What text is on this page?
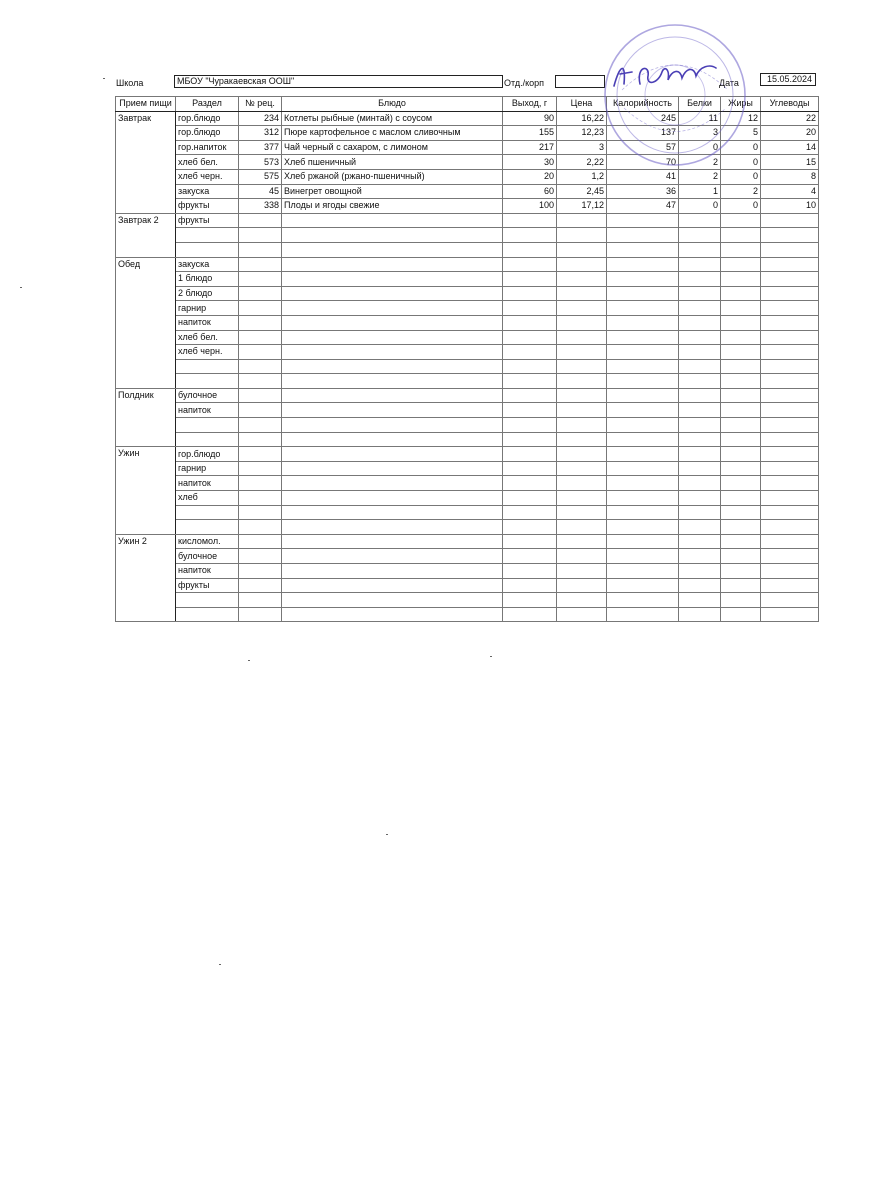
Школа	МБОУ "Чуракаевская ООШ"	Отд./корп	Дата	15.05.2024
Прием пищи	Раздел	№ рец.	Блюдо	Выход, г	Цена	Калорийность	Белки	Жиры	Углеводы
Завтрак	гор.блюдо	234	Котлеты рыбные (минтай) с соусом	90	16,22	245	11	12	22
	гор.блюдо	312	Пюре картофельное с маслом сливочным	155	12,23	137	3	5	20
	гор.напиток	377	Чай черный с сахаром, с лимоном	217	3	57	0	0	14
	хлеб бел.	573	Хлеб пшеничный	30	2,22	70	2	0	15
	хлеб черн.	575	Хлеб ржаной (ржано-пшеничный)	20	1,2	41	2	0	8
	закуска	45	Винегрет овощной	60	2,45	36	1	2	4
	фрукты	338	Плоды и ягоды свежие	100	17,12	47	0	0	10
Завтрак 2	фрукты								

Обед	закуска								
	1 блюдо								
	2 блюдо								
	гарнир								
	напиток								
	хлеб бел.								
	хлеб черн.								

Полдник	булочное								
	напиток								

Ужин	гор.блюдо								
	гарнир								
	напиток								
	хлеб								

Ужин 2	кисломол.								
	булочное								
	напиток								
	фрукты								
